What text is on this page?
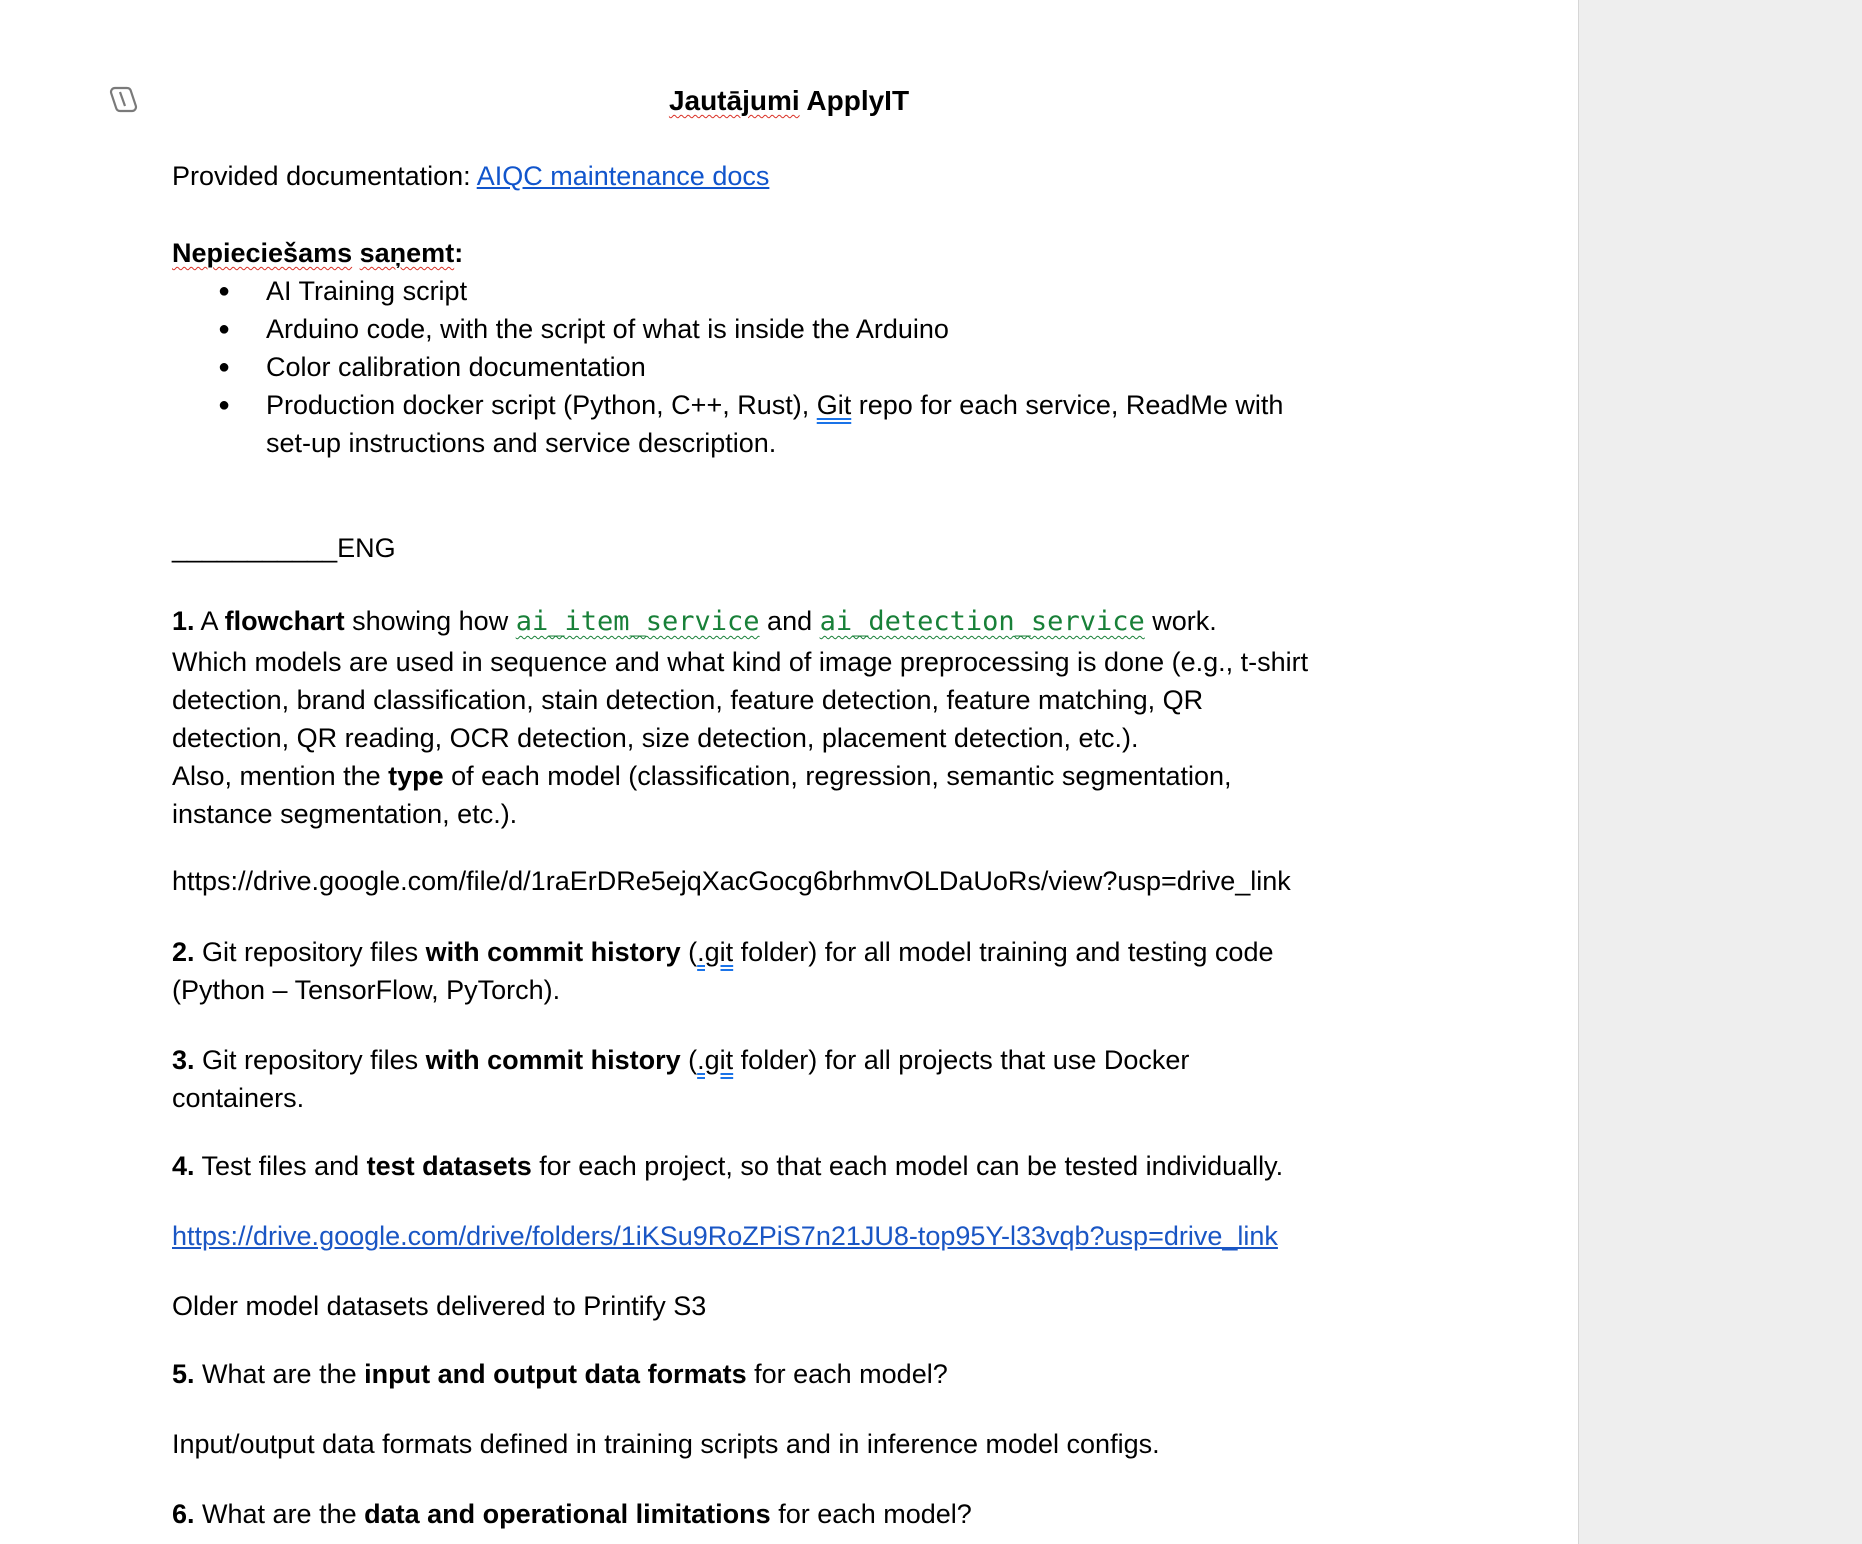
Jautājumi ApplyIT
Provided documentation: AIQC maintenance docs
Nepieciešams saņemt:
● AI Training script
● Arduino code, with the script of what is inside the Arduino
● Color calibration documentation
● Production docker script (Python, C++, Rust), Git repo for each service, ReadMe with
set-up instructions and service description.
___________ENG
1. A flowchart showing how ai_item_service and ai_detection_service work.
Which models are used in sequence and what kind of image preprocessing is done (e.g., t-shirt
detection, brand classification, stain detection, feature detection, feature matching, QR
detection, QR reading, OCR detection, size detection, placement detection, etc.).
Also, mention the type of each model (classification, regression, semantic segmentation,
instance segmentation, etc.).
https://drive.google.com/file/d/1raErDRe5ejqXacGocg6brhmvOLDaUoRs/view?usp=drive_link
2. Git repository files with commit history (.git folder) for all model training and testing code
(Python – TensorFlow, PyTorch).
3. Git repository files with commit history (.git folder) for all projects that use Docker
containers.
4. Test files and test datasets for each project, so that each model can be tested individually.
https://drive.google.com/drive/folders/1iKSu9RoZPiS7n21JU8-top95Y-l33vqb?usp=drive_link
Older model datasets delivered to Printify S3
5. What are the input and output data formats for each model?
Input/output data formats defined in training scripts and in inference model configs.
6. What are the data and operational limitations for each model?
